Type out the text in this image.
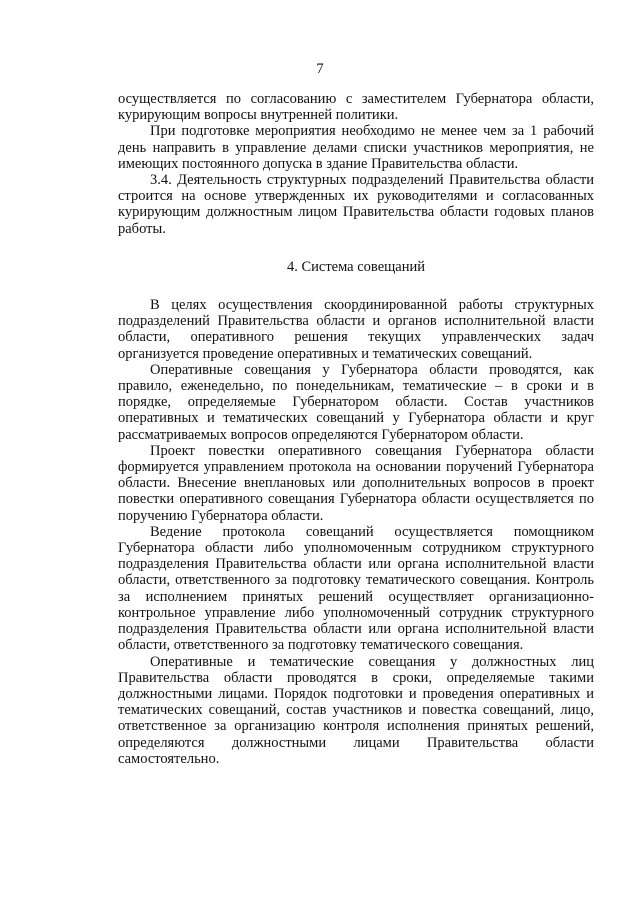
7

осуществляется по согласованию с заместителем Губернатора области, курирующим вопросы внутренней политики.

При подготовке мероприятия необходимо не менее чем за 1 рабочий день направить в управление делами списки участников мероприятия, не имеющих постоянного допуска в здание Правительства области.

3.4. Деятельность структурных подразделений Правительства области строится на основе утвержденных их руководителями и согласованных курирующим должностным лицом Правительства области годовых планов работы.

4. Система совещаний

В целях осуществления скоординированной работы структурных подразделений Правительства области и органов исполнительной власти области, оперативного решения текущих управленческих задач организуется проведение оперативных и тематических совещаний.

Оперативные совещания у Губернатора области проводятся, как правило, еженедельно, по понедельникам, тематические – в сроки и в порядке, определяемые Губернатором области. Состав участников оперативных и тематических совещаний у Губернатора области и круг рассматриваемых вопросов определяются Губернатором области.

Проект повестки оперативного совещания Губернатора области формируется управлением протокола на основании поручений Губернатора области. Внесение внеплановых или дополнительных вопросов в проект повестки оперативного совещания Губернатора области осуществляется по поручению Губернатора области.

Ведение протокола совещаний осуществляется помощником Губернатора области либо уполномоченным сотрудником структурного подразделения Правительства области или органа исполнительной власти области, ответственного за подготовку тематического совещания. Контроль за исполнением принятых решений осуществляет организационно-контрольное управление либо уполномоченный сотрудник структурного подразделения Правительства области или органа исполнительной власти области, ответственного за подготовку тематического совещания.

Оперативные и тематические совещания у должностных лиц Правительства области проводятся в сроки, определяемые такими должностными лицами. Порядок подготовки и проведения оперативных и тематических совещаний, состав участников и повестка совещаний, лицо, ответственное за организацию контроля исполнения принятых решений, определяются должностными лицами Правительства области самостоятельно.
